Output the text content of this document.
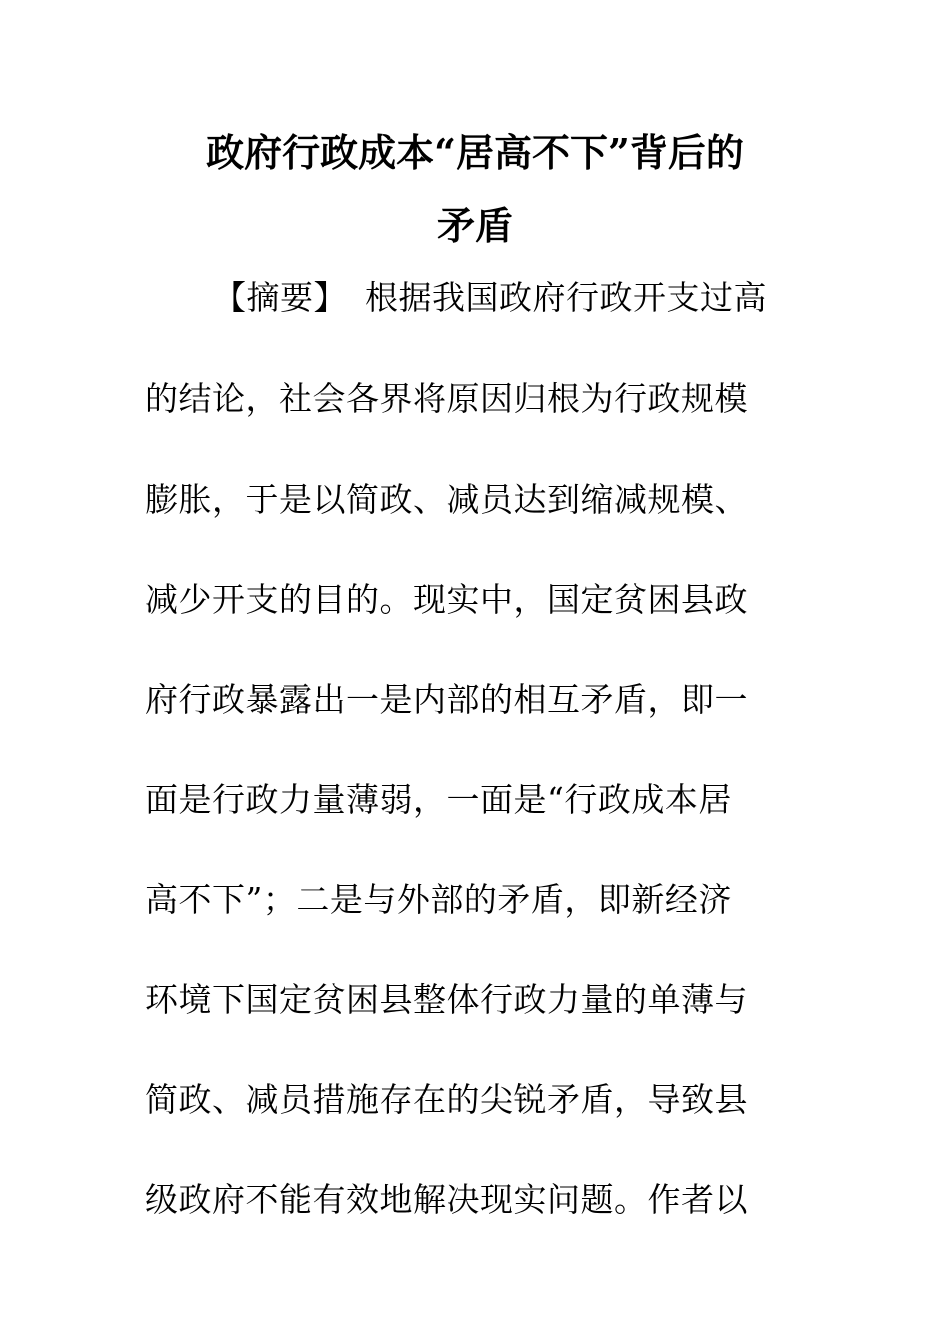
政府行政成本“居高不下”背后的
矛盾

【摘要】 根据我国政府行政开支过高

的结论，社会各界将原因归根为行政规模

膨胀，于是以简政、减员达到缩减规模、

减少开支的目的。现实中，国定贫困县政

府行政暴露出一是内部的相互矛盾，即一

面是行政力量薄弱，一面是“行政成本居

高不下”；二是与外部的矛盾，即新经济

环境下国定贫困县整体行政力量的单薄与

简政、减员措施存在的尖锐矛盾，导致县

级政府不能有效地解决现实问题。作者以
